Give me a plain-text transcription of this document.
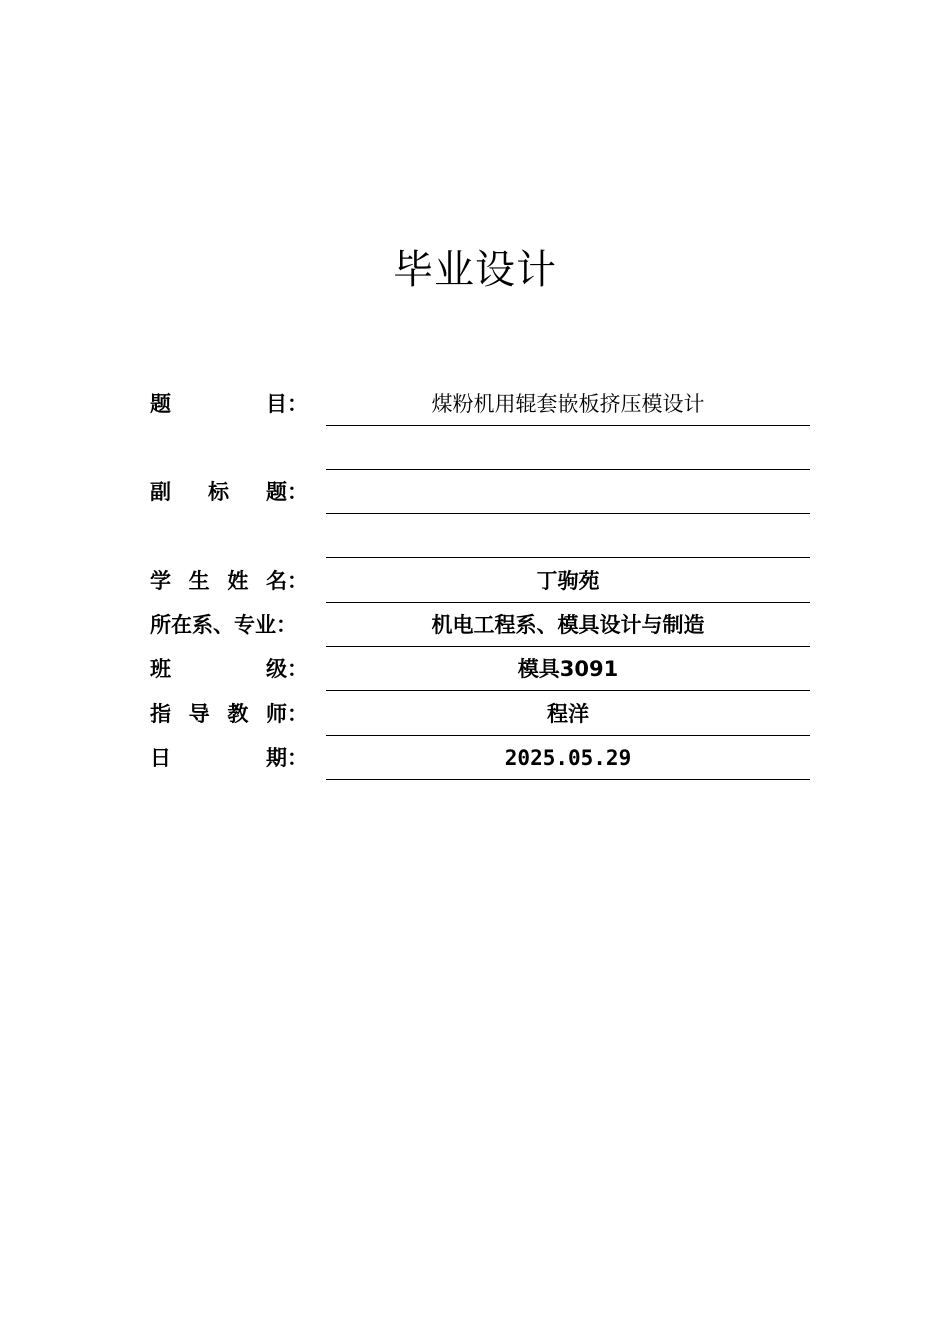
毕业设计
题	目：	煤粉机用辊套嵌板挤压模设计
副 标 题：
学 生 姓 名：	丁驹苑
所在系、专业：	机电工程系、模具设计与制造
班	级：	模具3091
指 导 教 师：	程洋
日	期：	2025.05.29
